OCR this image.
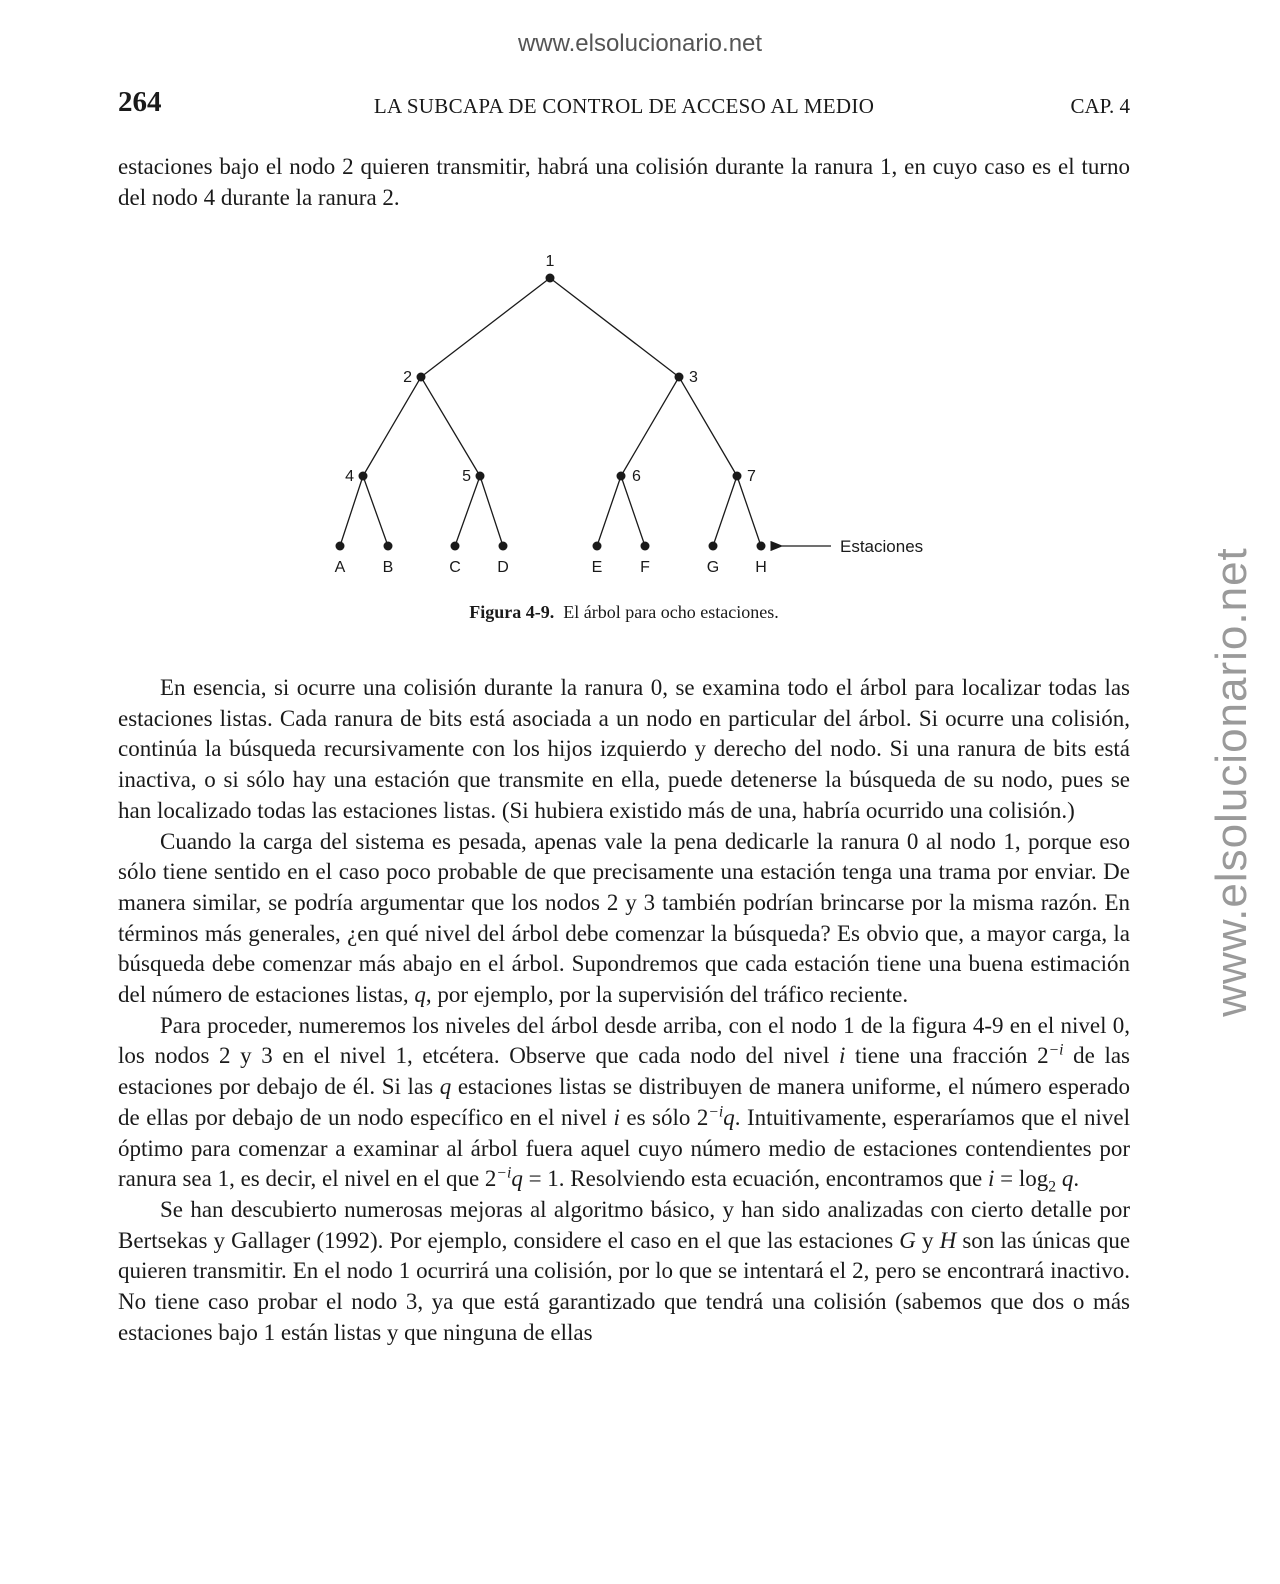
www.elsolucionario.net
www.elsolucionario.net
LA SUBCAPA DE CONTROL DE ACCESO AL MEDIO
264	CAP. 4

estaciones bajo el nodo 2 quieren transmitir, habrá una colisión durante la ranura 1, en cuyo caso es el turno del nodo 4 durante la ranura 2.

1
2	3
4	5	6	7
A B	C D	E F	G H
Estaciones
Figura 4-9. El árbol para ocho estaciones.

En esencia, si ocurre una colisión durante la ranura 0, se examina todo el árbol para localizar todas las estaciones listas. Cada ranura de bits está asociada a un nodo en particular del árbol. Si ocurre una colisión, continúa la búsqueda recursivamente con los hijos izquierdo y derecho del nodo. Si una ranura de bits está inactiva, o si sólo hay una estación que transmite en ella, puede detenerse la búsqueda de su nodo, pues se han localizado todas las estaciones listas. (Si hubiera existido más de una, habría ocurrido una colisión.)

Cuando la carga del sistema es pesada, apenas vale la pena dedicarle la ranura 0 al nodo 1, porque eso sólo tiene sentido en el caso poco probable de que precisamente una estación tenga una trama por enviar. De manera similar, se podría argumentar que los nodos 2 y 3 también podrían brincarse por la misma razón. En términos más generales, ¿en qué nivel del árbol debe comenzar la búsqueda? Es obvio que, a mayor carga, la búsqueda debe comenzar más abajo en el árbol. Supondremos que cada estación tiene una buena estimación del número de estaciones listas, q, por ejemplo, por la supervisión del tráfico reciente.

Para proceder, numeremos los niveles del árbol desde arriba, con el nodo 1 de la figura 4-9 en el nivel 0, los nodos 2 y 3 en el nivel 1, etcétera. Observe que cada nodo del nivel i tiene una fracción $2^{-i}$ de las estaciones por debajo de él. Si las q estaciones listas se distribuyen de manera uniforme, el número esperado de ellas por debajo de un nodo específico en el nivel i es sólo $2^{-i}q$. Intuitivamente, esperaríamos que el nivel óptimo para comenzar a examinar al árbol fuera aquel cuyo número medio de estaciones contendientes por ranura sea 1, es decir, el nivel en el que $2^{-i}q = 1$. Resolviendo esta ecuación, encontramos que $i = \log_2 q$.

Se han descubierto numerosas mejoras al algoritmo básico, y han sido analizadas con cierto detalle por Bertsekas y Gallager (1992). Por ejemplo, considere el caso en el que las estaciones G y H son las únicas que quieren transmitir. En el nodo 1 ocurrirá una colisión, por lo que se intentará el 2, pero se encontrará inactivo. No tiene caso probar el nodo 3, ya que está garantizado que tendrá una colisión (sabemos que dos o más estaciones bajo 1 están listas y que ninguna de ellas
